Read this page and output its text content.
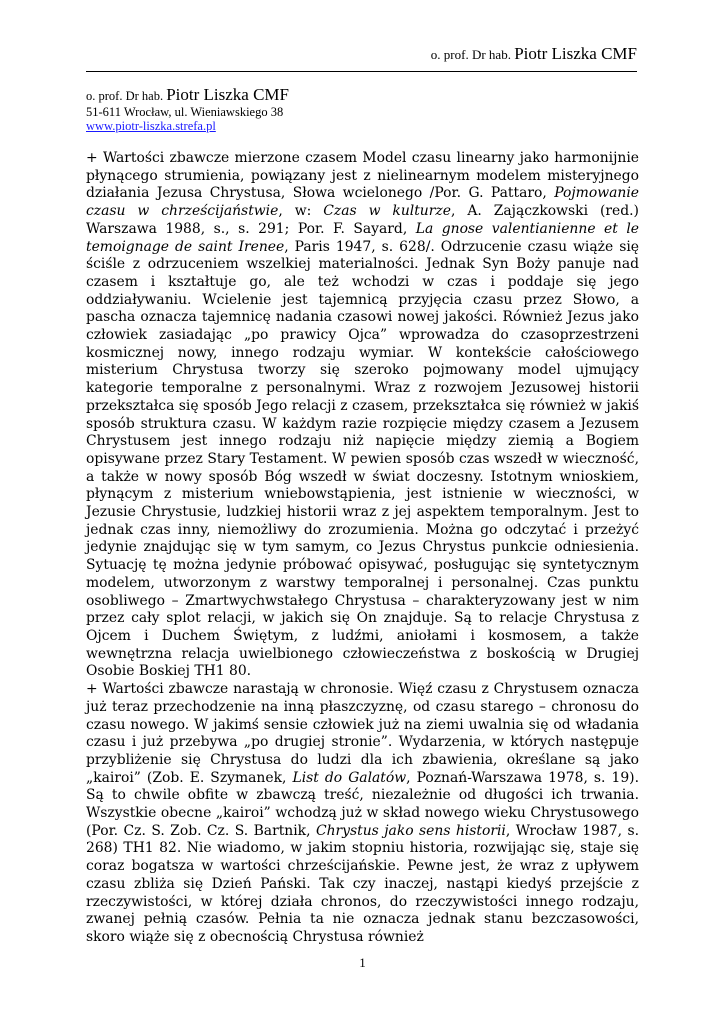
o. prof. Dr hab. Piotr Liszka CMF
o. prof. Dr hab. Piotr Liszka CMF
51-611 Wrocław, ul. Wieniawskiego 38
www.piotr-liszka.strefa.pl

+ Wartości zbawcze mierzone czasem Model czasu linearny jako harmonijnie płynącego strumienia, powiązany jest z nielinearnym modelem misteryjnego działania Jezusa Chrystusa, Słowa wcielonego /Por. G. Pattaro, Pojmowanie czasu w chrześcijaństwie, w: Czas w kulturze, A. Zajączkowski (red.) Warszawa 1988, s., s. 291; Por. F. Sayard, La gnose valentianienne et le temoignage de saint Irenee, Paris 1947, s. 628/. Odrzucenie czasu wiąże się ściśle z odrzuceniem wszelkiej materialności. Jednak Syn Boży panuje nad czasem i kształtuje go, ale też wchodzi w czas i poddaje się jego oddziaływaniu. Wcielenie jest tajemnicą przyjęcia czasu przez Słowo, a pascha oznacza tajemnicę nadania czasowi nowej jakości. Również Jezus jako człowiek zasiadając „po prawicy Ojca” wprowadza do czasoprzestrzeni kosmicznej nowy, innego rodzaju wymiar. W kontekście całościowego misterium Chrystusa tworzy się szeroko pojmowany model ujmujący kategorie temporalne z personalnymi. Wraz z rozwojem Jezusowej historii przekształca się sposób Jego relacji z czasem, przekształca się również w jakiś sposób struktura czasu. W każdym razie rozpięcie między czasem a Jezusem Chrystusem jest innego rodzaju niż napięcie między ziemią a Bogiem opisywane przez Stary Testament. W pewien sposób czas wszedł w wieczność, a także w nowy sposób Bóg wszedł w świat doczesny. Istotnym wnioskiem, płynącym z misterium wniebowstąpienia, jest istnienie w wieczności, w Jezusie Chrystusie, ludzkiej historii wraz z jej aspektem temporalnym. Jest to jednak czas inny, niemożliwy do zrozumienia. Można go odczytać i przeżyć jedynie znajdując się w tym samym, co Jezus Chrystus punkcie odniesienia. Sytuację tę można jedynie próbować opisywać, posługując się syntetycznym modelem, utworzonym z warstwy temporalnej i personalnej. Czas punktu osobliwego – Zmartwychwstałego Chrystusa – charakteryzowany jest w nim przez cały splot relacji, w jakich się On znajduje. Są to relacje Chrystusa z Ojcem i Duchem Świętym, z ludźmi, aniołami i kosmosem, a także wewnętrzna relacja uwielbionego człowieczeństwa z boskością w Drugiej Osobie Boskiej TH1 80.

+ Wartości zbawcze narastają w chronosie. Więź czasu z Chrystusem oznacza już teraz przechodzenie na inną płaszczyznę, od czasu starego – chronosu do czasu nowego. W jakimś sensie człowiek już na ziemi uwalnia się od władania czasu i już przebywa „po drugiej stronie”. Wydarzenia, w których następuje przybliżenie się Chrystusa do ludzi dla ich zbawienia, określane są jako „kairoi” (Zob. E. Szymanek, List do Galatów, Poznań-Warszawa 1978, s. 19). Są to chwile obfite w zbawczą treść, niezależnie od długości ich trwania. Wszystkie obecne „kairoi” wchodzą już w skład nowego wieku Chrystusowego (Por. Cz. S. Zob. Cz. S. Bartnik, Chrystus jako sens historii, Wrocław 1987, s. 268) TH1 82. Nie wiadomo, w jakim stopniu historia, rozwijając się, staje się coraz bogatsza w wartości chrześcijańskie. Pewne jest, że wraz z upływem czasu zbliża się Dzień Pański. Tak czy inaczej, nastąpi kiedyś przejście z rzeczywistości, w której działa chronos, do rzeczywistości innego rodzaju, zwanej pełnią czasów. Pełnia ta nie oznacza jednak stanu bezczasowości, skoro wiąże się z obecnością Chrystusa również

1
